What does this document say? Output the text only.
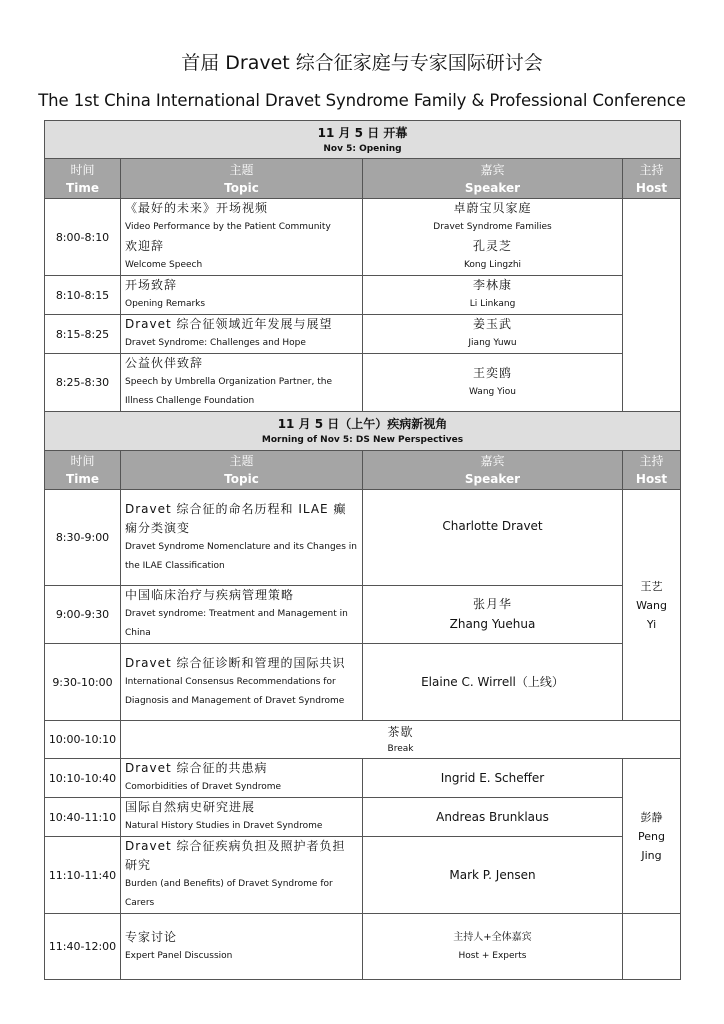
首届 Dravet 综合征家庭与专家国际研讨会
The 1st China International Dravet Syndrome Family & Professional Conference
11 月 5 日 开幕
Nov 5: Opening			

时间
Time	主题
Topic	嘉宾
Speaker	主持
Host

8:00-8:10	《最好的未来》开场视频
Video Performance by the Patient Community
欢迎辞
Welcome Speech	卓蔚宝贝家庭
Dravet Syndrome Families
孔灵芝
Kong Lingzhi	

8:10-8:15	开场致辞
Opening Remarks	李林康
Li Linkang	

8:15-8:25	Dravet 综合征领域近年发展与展望
Dravet Syndrome: Challenges and Hope	姜玉武
Jiang Yuwu	

8:25-8:30	公益伙伴致辞
Speech by Umbrella Organization Partner, the Illness Challenge Foundation	王奕鸥
Wang Yiou	

11 月 5 日（上午）疾病新视角
Morning of Nov 5: DS New Perspectives			

时间
Time	主题
Topic	嘉宾
Speaker	主持
Host

8:30-9:00	Dravet 综合征的命名历程和 ILAE 癫痫分类演变
Dravet Syndrome Nomenclature and its Changes in the ILAE Classification	Charlotte Dravet	王艺
Wang
Yi

9:00-9:30	中国临床治疗与疾病管理策略
Dravet syndrome: Treatment and Management in China	张月华
Zhang Yuehua	

9:30-10:00	Dravet 综合征诊断和管理的国际共识
International Consensus Recommendations for Diagnosis and Management of Dravet Syndrome	Elaine C. Wirrell（上线）	

10:00-10:10	茶歇
Break		

10:10-10:40	Dravet 综合征的共患病
Comorbidities of Dravet Syndrome	Ingrid E. Scheffer	彭静
Peng
Jing

10:40-11:10	国际自然病史研究进展
Natural History Studies in Dravet Syndrome	Andreas Brunklaus	

11:10-11:40	Dravet 综合征疾病负担及照护者负担研究
Burden (and Benefits) of Dravet Syndrome for Carers	Mark P. Jensen	

11:40-12:00	专家讨论
Expert Panel Discussion	主持人+全体嘉宾
Host + Experts	
